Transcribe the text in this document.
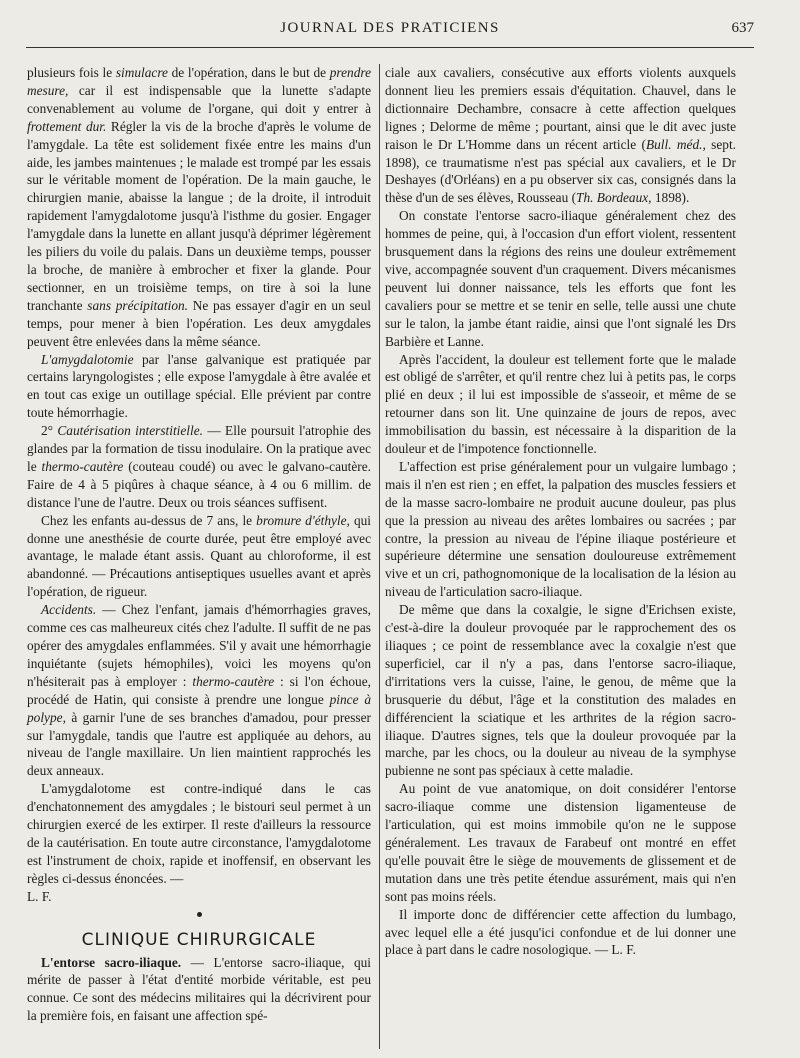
JOURNAL DES PRATICIENS	637

plusieurs fois le simulacre de l'opération, dans le but de prendre mesure, car il est indispensable que la lunette s'adapte convenablement au volume de l'organe, qui doit y entrer à frottement dur. Régler la vis de la broche d'après le volume de l'amygdale. La tête est solidement fixée entre les mains d'un aide, les jambes maintenues ; le malade est trompé par les essais sur le véritable moment de l'opération. De la main gauche, le chirurgien manie, abaisse la langue ; de la droite, il introduit rapidement l'amygdalotome jusqu'à l'isthme du gosier. Engager l'amygdale dans la lunette en allant jusqu'à déprimer légèrement les piliers du voile du palais. Dans un deuxième temps, pousser la broche, de manière à embrocher et fixer la glande. Pour sectionner, en un troisième temps, on tire à soi la lune tranchante sans précipitation. Ne pas essayer d'agir en un seul temps, pour mener à bien l'opération. Les deux amygdales peuvent être enlevées dans la même séance.

L'amygdalotomie par l'anse galvanique est pratiquée par certains laryngologistes ; elle expose l'amygdale à être avalée et en tout cas exige un outillage spécial. Elle prévient par contre toute hémorrhagie.

2° Cautérisation interstitielle. — Elle poursuit l'atrophie des glandes par la formation de tissu inodulaire. On la pratique avec le thermo-cautère (couteau coudé) ou avec le galvano-cautère. Faire de 4 à 5 piqûres à chaque séance, à 4 ou 6 millim. de distance l'une de l'autre. Deux ou trois séances suffisent.

Chez les enfants au-dessus de 7 ans, le bromure d'éthyle, qui donne une anesthésie de courte durée, peut être employé avec avantage, le malade étant assis. Quant au chloroforme, il est abandonné. — Précautions antiseptiques usuelles avant et après l'opération, de rigueur.

Accidents. — Chez l'enfant, jamais d'hémorrhagies graves, comme ces cas malheureux cités chez l'adulte. Il suffit de ne pas opérer des amygdales enflammées. S'il y avait une hémorrhagie inquiétante (sujets hémophiles), voici les moyens qu'on n'hésiterait pas à employer : thermo-cautère : si l'on échoue, procédé de Hatin, qui consiste à prendre une longue pince à polype, à garnir l'une de ses branches d'amadou, pour presser sur l'amygdale, tandis que l'autre est appliquée au dehors, au niveau de l'angle maxillaire. Un lien maintient rapprochés les deux anneaux.

L'amygdalotome est contre-indiqué dans le cas d'enchatonnement des amygdales ; le bistouri seul permet à un chirurgien exercé de les extirper. Il reste d'ailleurs la ressource de la cautérisation. En toute autre circonstance, l'amygdalotome est l'instrument de choix, rapide et inoffensif, en observant les règles ci-dessus énoncées. —

L. F.

CLINIQUE CHIRURGICALE

L'entorse sacro-iliaque. — L'entorse sacro-iliaque, qui mérite de passer à l'état d'entité morbide véritable, est peu connue. Ce sont des médecins militaires qui la décrivirent pour la première fois, en faisant une affection spé-

ciale aux cavaliers, consécutive aux efforts violents auxquels donnent lieu les premiers essais d'équitation. Chauvel, dans le dictionnaire Dechambre, consacre à cette affection quelques lignes ; Delorme de même ; pourtant, ainsi que le dit avec juste raison le Dr L'Homme dans un récent article (Bull. méd., sept. 1898), ce traumatisme n'est pas spécial aux cavaliers, et le Dr Deshayes (d'Orléans) en a pu observer six cas, consignés dans la thèse d'un de ses élèves, Rousseau (Th. Bordeaux, 1898).

On constate l'entorse sacro-iliaque généralement chez des hommes de peine, qui, à l'occasion d'un effort violent, ressentent brusquement dans la régions des reins une douleur extrêmement vive, accompagnée souvent d'un craquement. Divers mécanismes peuvent lui donner naissance, tels les efforts que font les cavaliers pour se mettre et se tenir en selle, telle aussi une chute sur le talon, la jambe étant raidie, ainsi que l'ont signalé les Drs Barbière et Lanne.

Après l'accident, la douleur est tellement forte que le malade est obligé de s'arrêter, et qu'il rentre chez lui à petits pas, le corps plié en deux ; il lui est impossible de s'asseoir, et même de se retourner dans son lit. Une quinzaine de jours de repos, avec immobilisation du bassin, est nécessaire à la disparition de la douleur et de l'impotence fonctionnelle.

L'affection est prise généralement pour un vulgaire lumbago ; mais il n'en est rien ; en effet, la palpation des muscles fessiers et de la masse sacro-lombaire ne produit aucune douleur, pas plus que la pression au niveau des arêtes lombaires ou sacrées ; par contre, la pression au niveau de l'épine iliaque postérieure et supérieure détermine une sensation douloureuse extrêmement vive et un cri, pathognomonique de la localisation de la lésion au niveau de l'articulation sacro-iliaque.

De même que dans la coxalgie, le signe d'Erichsen existe, c'est-à-dire la douleur provoquée par le rapprochement des os iliaques ; ce point de ressemblance avec la coxalgie n'est que superficiel, car il n'y a pas, dans l'entorse sacro-iliaque, d'irritations vers la cuisse, l'aine, le genou, de même que la brusquerie du début, l'âge et la constitution des malades en différencient la sciatique et les arthrites de la région sacro-iliaque. D'autres signes, tels que la douleur provoquée par la marche, par les chocs, ou la douleur au niveau de la symphyse pubienne ne sont pas spéciaux à cette maladie.

Au point de vue anatomique, on doit considérer l'entorse sacro-iliaque comme une distension ligamenteuse de l'articulation, qui est moins immobile qu'on ne le suppose généralement. Les travaux de Farabeuf ont montré en effet qu'elle pouvait être le siège de mouvements de glissement et de mutation dans une très petite étendue assurément, mais qui n'en sont pas moins réels.

Il importe donc de différencier cette affection du lumbago, avec lequel elle a été jusqu'ici confondue et de lui donner une place à part dans le cadre nosologique. — L. F.
